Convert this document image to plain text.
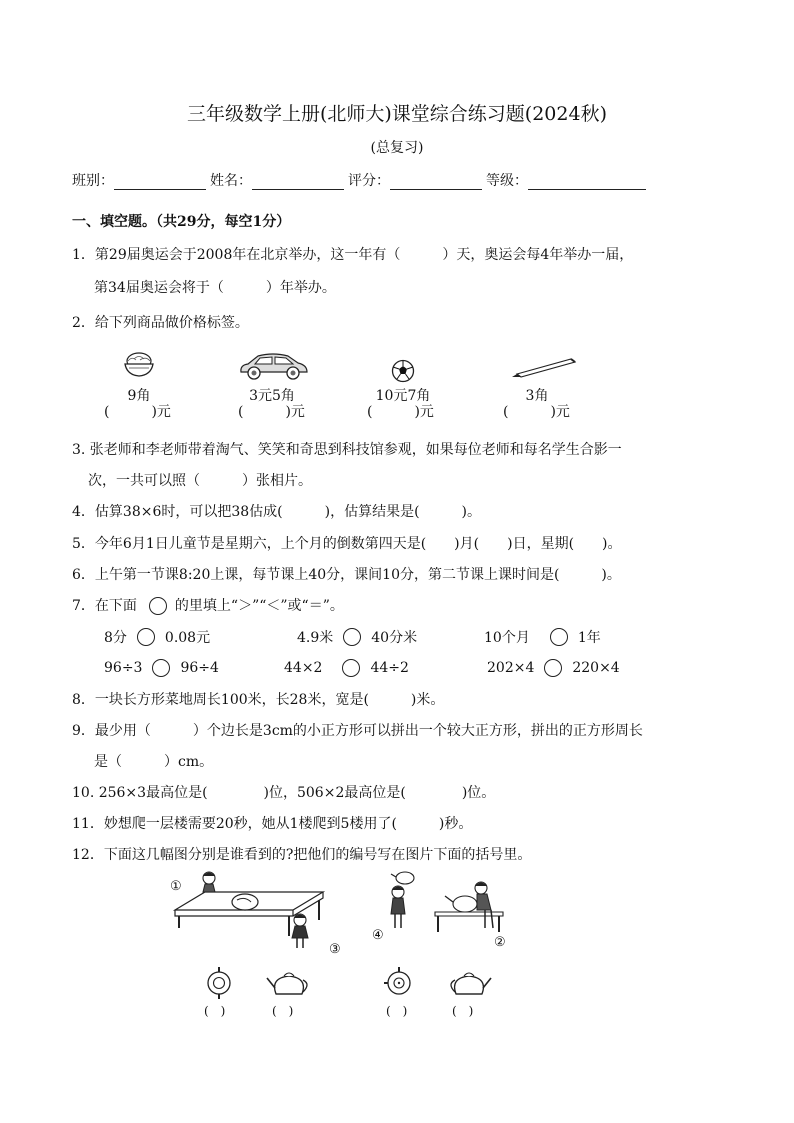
三年级数学上册(北师大)课堂综合练习题(2024秋)
(总复习)
班别：	姓名：	评分：	等级：
一、填空题。（共29分，每空1分）
1．第29届奥运会于2008年在北京举办，这一年有（　　　）天，奥运会每4年举办一届，
第34届奥运会将于（　　　）年举办。
2．给下列商品做价格标签。
9角	3元5角	10元7角	3角
(　　　)元	(　　　)元	(　　　)元	(　　　)元
3. 张老师和李老师带着淘气、笑笑和奇思到科技馆参观，如果每位老师和每名学生合影一
次，一共可以照（　　　）张相片。
4．估算38×6时，可以把38估成(　　　)，估算结果是(　　　)。
5．今年6月1日儿童节是星期六，上个月的倒数第四天是(　　)月(　　)日，星期(　　)。
6．上午第一节课8:20上课，每节课上40分，课间10分，第二节课上课时间是(　　　)。
7．在下面	的里填上“＞”“＜”或“＝”。
8分	0.08元	4.9米	40分米	10个月	1年
96÷3	96÷4	44×2	44÷2	202×4	220×4
8．一块长方形菜地周长100米，长28米，宽是(　　　)米。
9．最少用（　　　）个边长是3cm的小正方形可以拼出一个较大正方形，拼出的正方形周长
是（　　　）cm。
10. 256×3最高位是(　　　　)位，506×2最高位是(　　　　)位。
11．妙想爬一层楼需要20秒，她从1楼爬到5楼用了(　　　)秒。
12．下面这几幅图分别是谁看到的?把他们的编号写在图片下面的括号里。
①
③
④	②
(　)	(　)	(　)	(　)
